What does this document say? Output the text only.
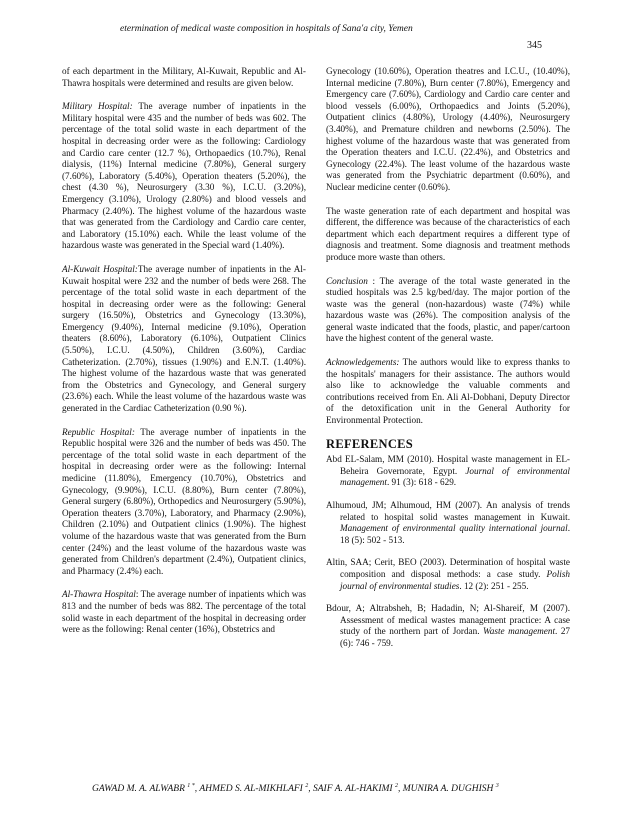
etermination of medical waste composition in hospitals of Sana'a city, Yemen
345

of each department in the Military, Al-Kuwait, Republic and Al-Thawra hospitals were determined and results are given below.

Military Hospital: The average number of inpatients in the Military hospital were 435 and the number of beds was 602. The percentage of the total solid waste in each department of the hospital in decreasing order were as the following: Cardiology and Cardio care center (12.7 %), Orthopaedics (10.7%), Renal dialysis, (11%) Internal medicine (7.80%), General surgery (7.60%), Laboratory (5.40%), Operation theaters (5.20%), the chest (4.30 %), Neurosurgery (3.30 %), I.C.U. (3.20%), Emergency (3.10%), Urology (2.80%) and blood vessels and Pharmacy (2.40%). The highest volume of the hazardous waste that was generated from the Cardiology and Cardio care center, and Laboratory (15.10%) each. While the least volume of the hazardous waste was generated in the Special ward (1.40%).

Al-Kuwait Hospital:The average number of inpatients in the Al-Kuwait hospital were 232 and the number of beds were 268. The percentage of the total solid waste in each department of the hospital in decreasing order were as the following: General surgery (16.50%), Obstetrics and Gynecology (13.30%), Emergency (9.40%), Internal medicine (9.10%), Operation theaters (8.60%), Laboratory (6.10%), Outpatient Clinics (5.50%), I.C.U. (4.50%), Children (3.60%), Cardiac Catheterization. (2.70%), tissues (1.90%) and E.N.T. (1.40%). The highest volume of the hazardous waste that was generated from the Obstetrics and Gynecology, and General surgery (23.6%) each. While the least volume of the hazardous waste was generated in the Cardiac Catheterization (0.90 %).

Republic Hospital: The average number of inpatients in the Republic hospital were 326 and the number of beds was 450. The percentage of the total solid waste in each department of the hospital in decreasing order were as the following: Internal medicine (11.80%), Emergency (10.70%), Obstetrics and Gynecology, (9.90%), I.C.U. (8.80%), Burn center (7.80%), General surgery (6.80%), Orthopedics and Neurosurgery (5.90%), Operation theaters (3.70%), Laboratory, and Pharmacy (2.90%), Children (2.10%) and Outpatient clinics (1.90%). The highest volume of the hazardous waste that was generated from the Burn center (24%) and the least volume of the hazardous waste was generated from Children's department (2.4%), Outpatient clinics, and Pharmacy (2.4%) each.

Al-Thawra Hospital: The average number of inpatients which was 813 and the number of beds was 882. The percentage of the total solid waste in each department of the hospital in decreasing order were as the following: Renal center (16%), Obstetrics and

Gynecology (10.60%), Operation theatres and I.C.U., (10.40%), Internal medicine (7.80%), Burn center (7.80%), Emergency and Emergency care (7.60%), Cardiology and Cardio care center and blood vessels (6.00%), Orthopaedics and Joints (5.20%), Outpatient clinics (4.80%), Urology (4.40%), Neurosurgery (3.40%), and Premature children and newborns (2.50%). The highest volume of the hazardous waste that was generated from the Operation theaters and I.C.U. (22.4%), and Obstetrics and Gynecology (22.4%). The least volume of the hazardous waste was generated from the Psychiatric department (0.60%), and Nuclear medicine center (0.60%).

The waste generation rate of each department and hospital was different, the difference was because of the characteristics of each department which each department requires a different type of diagnosis and treatment. Some diagnosis and treatment methods produce more waste than others.

Conclusion : The average of the total waste generated in the studied hospitals was 2.5 kg/bed/day. The major portion of the waste was the general (non-hazardous) waste (74%) while hazardous waste was (26%). The composition analysis of the general waste indicated that the foods, plastic, and paper/cartoon have the highest content of the general waste.

Acknowledgements: The authors would like to express thanks to the hospitals' managers for their assistance. The authors would also like to acknowledge the valuable comments and contributions received from En. Ali Al-Dobhani, Deputy Director of the detoxification unit in the General Authority for Environmental Protection.

REFERENCES
Abd EL-Salam, MM (2010). Hospital waste management in EL-Beheira Governorate, Egypt. Journal of environmental management. 91 (3): 618 - 629.
Alhumoud, JM; Alhumoud, HM (2007). An analysis of trends related to hospital solid wastes management in Kuwait. Management of environmental quality international journal. 18 (5): 502 - 513.
Altin, SAA; Cerit, BEO (2003). Determination of hospital waste composition and disposal methods: a case study. Polish journal of environmental studies. 12 (2): 251 - 255.
Bdour, A; Altrabsheh, B; Hadadin, N; Al-Shareif, M (2007). Assessment of medical wastes management practice: A case study of the northern part of Jordan. Waste management. 27 (6): 746 - 759.
GAWAD M. A. ALWABR $^{1 *}$, AHMED S. AL-MIKHLAFI $^2$, SAIF A. AL-HAKIMI $^2$, MUNIRA A. DUGHISH $^3$
